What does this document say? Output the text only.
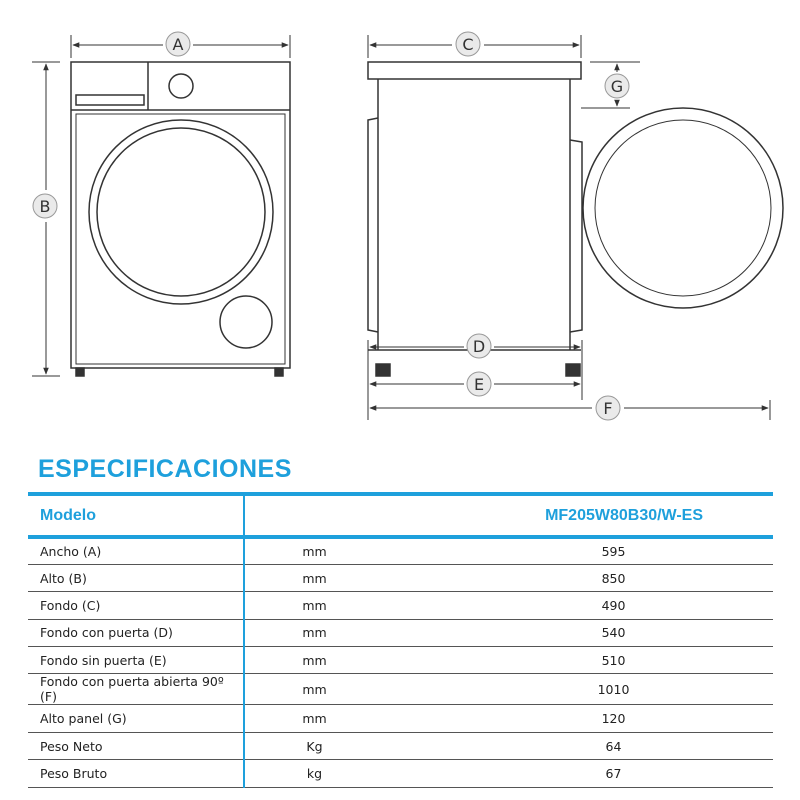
A
B
C
G
D
E
F
ESPECIFICACIONES
Modelo	MF205W80B30/W-ES	
Ancho (A)	mm	595
Alto (B)	mm	850
Fondo (C)	mm	490
Fondo con puerta (D)	mm	540
Fondo sin puerta (E)	mm	510
Fondo con puerta abierta 90º (F)	mm	1010
Alto panel (G)	mm	120
Peso Neto	Kg	64
Peso Bruto	kg	67
